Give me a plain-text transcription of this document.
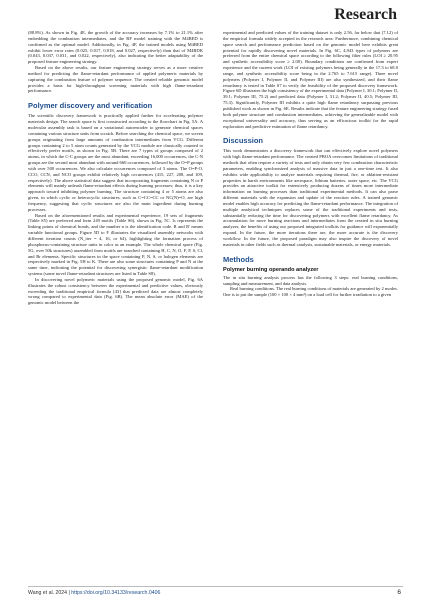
Research

(88.8%). As shown in Fig. 4E, the growth of the accuracy increases by 7.1% to 21.1% after embedding the combustion intermediates, and the RF model training with the M4BED is confirmed as the optimal model. Additionally, in Fig. 4F, the trained models using M4BED exhibit lower error rates (0.025, 0.017, 0.018, and 0.027, respectively) than that of M4RDK (0.043, 0.037, 0.031, and 0.022, respectively), also indicating the better adaptability of the proposed feature engineering strategy.

Based on the above results, our feature engineering strategy serves as a more creative method for predicting the flame-retardant performance of applied polymeric materials by capturing the combustion feature of polymer sequence. The created reliable genomic model provides a basis for high-throughput screening materials with high flame-retardant performance.

Polymer discovery and verification

The scientific discovery framework is practically applied further for accelerating polymer materials design. The search space is first constructed according to the flowchart in Fig. 5A. A molecular assembly task is based on a variational autoencoder to generate chemical spaces containing various structure units from scratch. Before searching the chemical space, we screen groups originating from large amounts of combustion intermediates from VCG. Different groups containing 2 to 5 atom counts generated by the VCG module are classically counted to effectively prefer motifs, as shown in Fig. 5B. There are 7 types of groups composed of 2 atoms, in which the C-C groups are the most abundant, exceeding 16,000 occurrences, the C-N groups are the second most abundant with around 660 occurrences, followed by the O=P groups with over 500 occurrences. We also calculate occurrences composed of 3 atoms. The O=P-O, CCO, CCN, and NCO groups exhibit relatively high occurrences (415, 227, 208, and 109, respectively). The above statistical data suggest that incorporating fragments containing N or P elements will mainly unleash flame-retardant effects during burning processes; thus, it is a key approach toward inhibiting polymer burning. The structure containing 4 or 5 atoms are also given, in which cyclic or heterocyclic structures, such as C=CC=CC or NC(N)=O, are high frequency, suggesting that cyclic structures are also the main ingredient during burning processes.

Based on the aforementioned results and experimental experience, 19 sets of fragments (Table S5) are preferred and form 249 motifs (Table S6), shown in Fig. 5C. Iₙ represents the linking points of chemical bonds, and the number n is the identification code. R and R' means variable functional groups. Figure 5D to F illustrates the visualized assembly networks with different iteration counts (N_iter = 4, 16, or 64), highlighting the formation process of phosphorus-containing structure units in color as an example. The whole chemical space (Fig. 5G, over 50k structures) assembled from motifs are searched containing H, C, N, O, F, P, S, Cl, and Br elements. Specific structures in the space containing P, N, S, or halogen elements are respectively marked in Fig. 5H to K. There are also some structures containing P and N at the same time, indicating the potential for discovering synergistic flame-retardant modification systems (some novel flame-retardant structures are listed in Table S8).

In discovering novel polymeric materials using the proposed genomic model, Fig. 6A illustrates the robust consistency between the experimental and predictive values, obviously exceeding the traditional empirical formula [43] that predicted data are almost completely wrong compared to experimental data (Fig. 6B). The mean absolute error (MAE) of the genomic model between the

experimental and predicted values of the training dataset is only 2.56, far below that (7.12) of the empirical formula widely accepted in the research area. Furthermore, combining chemical space search and performance prediction based on the genomic model here exhibits great potential for rapidly discovering novel materials. In Fig. 6C, 4,943 types of polymers are preferred from the entire chemical space according to the following filter rules (LOI ≥ 20.95 and synthetic accessibility score ≥ 2.00). Boundary conditions are confirmed from expert experience and the current work (LOI of existing polymers being generally in the 17.3 to 68.0 range, and synthetic accessibility score being in the 2.765 to 7.615 range). Three novel polymers (Polymer I, Polymer II, and Polymer III) are also synthesized, and their flame retardancy is tested in Table S7 to verify the feasibility of the proposed discovery framework. Figure 6D illustrates the high consistency of the experimental data (Polymer I, 30.1; Polymer II, 39.1; Polymer III, 75.2) and predicted data (Polymer I, 31.2; Polymer II, 40.5; Polymer III, 75.3). Significantly, Polymer III exhibits a quite high flame retardancy surpassing previous published work as shown in Fig. 6E. Results indicate that the feature engineering strategy fused both polymer structure and combustion intermediates, achieving the generalizable model with exceptional universality and accuracy, thus serving as an efficacious toolkit for the rapid exploration and predictive estimation of flame retardancy.

Discussion

This work demonstrates a discovery framework that can effectively explore novel polymers with high flame-retardant performance. The created PBOA overcomes limitations of traditional methods that often require a variety of tests and only obtain very few combustion characteristic parameters, enabling synchronized analysis of massive data in just a one-time test. It also exhibits wide applicability to analyze materials requiring thermal, fire, or ablation-resistant properties in harsh environments like aerospace, lithium batteries, outer space, etc. The VCG provides an attractive toolkit for extensively producing dozens of times more intermediate information on burning processes than traditional experimental methods. It can also parse different materials with the expansion and update of the reaction rules. A trained genomic model enables high accuracy for predicting the flame-retardant performance. The integration of multiple analytical techniques replaces some of the traditional experiments and tests, substantially reducing the time for discovering polymers with excellent flame retardancy. As accumulation for more burning reactions and intermediates from the created in situ burning analyzer, the benefits of using our proposed integrated toolkits for guidance will exponentially expand. In the future, the more iterations there are, the more accurate is the discovery workflow. In the future, the proposed paradigm may also inspire the discovery of novel materials in other fields such as thermal catalysis, sustainable materials, or energy materials.

Methods
Polymer burning operando analyzer

The in situ burning analysis process has the following 3 steps: real burning conditions, sampling and measurement, and data analysis.

Real burning conditions. The real burning conditions of materials are generated by 2 modes. One is to put the sample (100 × 100 × 4 mm³) on a load cell for further irradiation to a given

Wang et al. 2024 | https://doi.org/10.34133/research.0406	6
